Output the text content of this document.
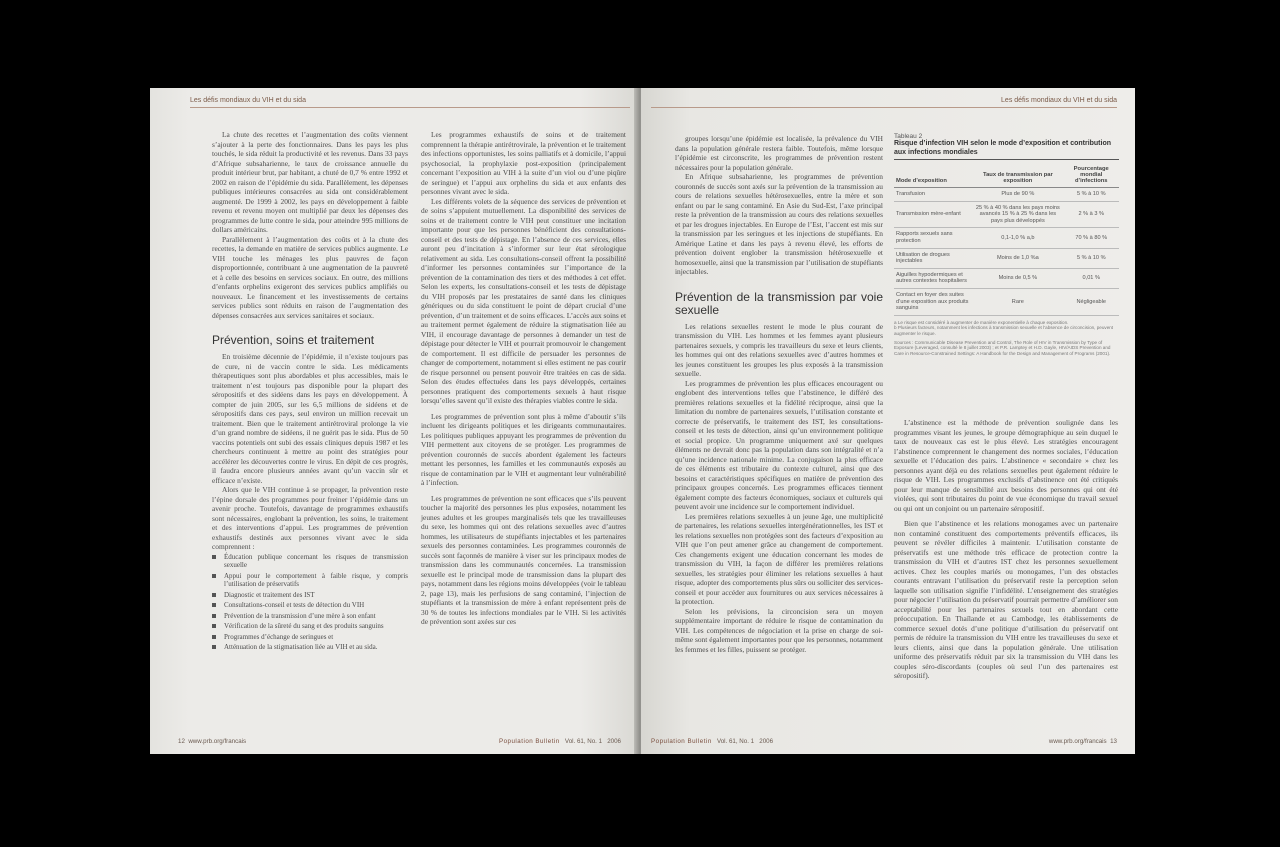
Les défis mondiaux du VIH et du sida

La chute des recettes et l’augmentation des coûts viennent s’ajouter à la perte des fonctionnaires. Dans les pays les plus touchés, le sida réduit la productivité et les revenus. Dans 33 pays d’Afrique subsaharienne, le taux de croissance annuelle du produit intérieur brut, par habitant, a chuté de 0,7 % entre 1992 et 2002 en raison de l’épidémie du sida. Parallèlement, les dépenses publiques intérieures consacrées au sida ont considérablement augmenté. De 1999 à 2002, les pays en développement à faible revenu et revenu moyen ont multiplié par deux les dépenses des programmes de lutte contre le sida, pour atteindre 995 millions de dollars américains.

Parallèlement à l’augmentation des coûts et à la chute des recettes, la demande en matière de services publics augmente. Le VIH touche les ménages les plus pauvres de façon disproportionnée, contribuant à une augmentation de la pauvreté et à celle des besoins en services sociaux. En outre, des millions d’enfants orphelins exigeront des services publics amplifiés ou nouveaux. Le financement et les investissements de certains services publics sont réduits en raison de l’augmentation des dépenses consacrées aux services sanitaires et sociaux.

Prévention, soins et traitement

En troisième décennie de l’épidémie, il n’existe toujours pas de cure, ni de vaccin contre le sida. Les médicaments thérapeutiques sont plus abordables et plus accessibles, mais le traitement n’est toujours pas disponible pour la plupart des séropositifs et des sidéens dans les pays en développement. À compter de juin 2005, sur les 6,5 millions de sidéens et de séropositifs dans ces pays, seul environ un million recevait un traitement. Bien que le traitement antirétroviral prolonge la vie d’un grand nombre de sidéens, il ne guérit pas le sida. Plus de 50 vaccins potentiels ont subi des essais cliniques depuis 1987 et les chercheurs continuent à mettre au point des stratégies pour accélérer les découvertes contre le virus. En dépit de ces progrès, il faudra encore plusieurs années avant qu’un vaccin sûr et efficace n’existe.

Alors que le VIH continue à se propager, la prévention reste l’épine dorsale des programmes pour freiner l’épidémie dans un avenir proche. Toutefois, davantage de programmes exhaustifs sont nécessaires, englobant la prévention, les soins, le traitement et des interventions d’appui. Les programmes de prévention exhaustifs destinés aux personnes vivant avec le sida comprennent :

Éducation publique concernant les risques de transmission sexuelle
Appui pour le comportement à faible risque, y compris l’utilisation de préservatifs
Diagnostic et traitement des IST
Consultations-conseil et tests de détection du VIH
Prévention de la transmission d’une mère à son enfant
Vérification de la sûreté du sang et des produits sanguins
Programmes d’échange de seringues et
Atténuation de la stigmatisation liée au VIH et au sida.

Les programmes exhaustifs de soins et de traitement comprennent la thérapie antirétrovirale, la prévention et le traitement des infections opportunistes, les soins palliatifs et à domicile, l’appui psychosocial, la prophylaxie post-exposition (principalement concernant l’exposition au VIH à la suite d’un viol ou d’une piqûre de seringue) et l’appui aux orphelins du sida et aux enfants des personnes vivant avec le sida.

Les différents volets de la séquence des services de prévention et de soins s’appuient mutuellement. La disponibilité des services de soins et de traitement contre le VIH peut constituer une incitation importante pour que les personnes bénéficient des consultations-conseil et des tests de dépistage. En l’absence de ces services, elles auront peu d’incitation à s’informer sur leur état sérologique relativement au sida. Les consultations-conseil offrent la possibilité d’informer les personnes contaminées sur l’importance de la prévention de la contamination des tiers et des méthodes à cet effet. Selon les experts, les consultations-conseil et les tests de dépistage du VIH proposés par les prestataires de santé dans les cliniques génériques ou du sida constituent le point de départ crucial d’une prévention, d’un traitement et de soins efficaces. L’accès aux soins et au traitement permet également de réduire la stigmatisation liée au VIH, il encourage davantage de personnes à demander un test de dépistage pour détecter le VIH et pourrait promouvoir le changement de comportement. Il est difficile de persuader les personnes de changer de comportement, notamment si elles estiment ne pas courir de risque personnel ou pensent pouvoir être traitées en cas de sida. Selon des études effectuées dans les pays développés, certaines personnes pratiquent des comportements sexuels à haut risque lorsqu’elles savent qu’il existe des thérapies viables contre le sida.

Les programmes de prévention sont plus à même d’aboutir s’ils incluent les dirigeants politiques et les dirigeants communautaires. Les politiques publiques appuyant les programmes de prévention du VIH permettent aux citoyens de se protéger. Les programmes de prévention couronnés de succès abordent également les facteurs mettant les personnes, les familles et les communautés exposés au risque de contamination par le VIH et augmentant leur vulnérabilité à l’infection.

Les programmes de prévention ne sont efficaces que s’ils peuvent toucher la majorité des personnes les plus exposées, notamment les jeunes adultes et les groupes marginalisés tels que les travailleuses du sexe, les hommes qui ont des relations sexuelles avec d’autres hommes, les utilisateurs de stupéfiants injectables et les partenaires sexuels des personnes contaminées. Les programmes couronnés de succès sont façonnés de manière à viser sur les principaux modes de transmission dans les communautés concernées. La transmission sexuelle est le principal mode de transmission dans la plupart des pays, notamment dans les régions moins développées (voir le tableau 2, page 13), mais les perfusions de sang contaminé, l’injection de stupéfiants et la transmission de mère à enfant représentent près de 30 % de toutes les infections mondiales par le VIH. Si les activités de prévention sont axées sur ces

12 www.prb.org/francais	Population Bulletin Vol. 61, No. 1 2006
Les défis mondiaux du VIH et du sida

groupes lorsqu’une épidémie est localisée, la prévalence du VIH dans la population générale restera faible. Toutefois, même lorsque l’épidémie est circonscrite, les programmes de prévention restent nécessaires pour la population générale.

En Afrique subsaharienne, les programmes de prévention couronnés de succès sont axés sur la prévention de la transmission au cours de relations sexuelles hétérosexuelles, entre la mère et son enfant ou par le sang contaminé. En Asie du Sud-Est, l’axe principal reste la prévention de la transmission au cours des relations sexuelles et par les drogues injectables. En Europe de l’Est, l’accent est mis sur la transmission par les seringues et les injections de stupéfiants. En Amérique Latine et dans les pays à revenu élevé, les efforts de prévention doivent englober la transmission hétérosexuelle et homosexuelle, ainsi que la transmission par l’utilisation de stupéfiants injectables.

Prévention de la transmission par voie sexuelle

Les relations sexuelles restent le mode le plus courant de transmission du VIH. Les hommes et les femmes ayant plusieurs partenaires sexuels, y compris les travailleurs du sexe et leurs clients, les hommes qui ont des relations sexuelles avec d’autres hommes et les jeunes constituent les groupes les plus exposés à la transmission sexuelle.

Les programmes de prévention les plus efficaces encouragent ou englobent des interventions telles que l’abstinence, le différé des premières relations sexuelles et la fidélité réciproque, ainsi que la limitation du nombre de partenaires sexuels, l’utilisation constante et correcte de préservatifs, le traitement des IST, les consultations-conseil et les tests de détection, ainsi qu’un environnement politique et social propice. Un programme uniquement axé sur quelques éléments ne devrait donc pas la population dans son intégralité et n’a qu’une incidence nationale minime. La conjugaison la plus efficace de ces éléments est tributaire du contexte culturel, ainsi que des besoins et caractéristiques spécifiques en matière de prévention des principaux groupes concernés. Les programmes efficaces tiennent également compte des facteurs économiques, sociaux et culturels qui peuvent avoir une incidence sur le comportement individuel.

Les premières relations sexuelles à un jeune âge, une multiplicité de partenaires, les relations sexuelles intergénérationnelles, les IST et les relations sexuelles non protégées sont des facteurs d’exposition au VIH que l’on peut amener grâce au changement de comportement. Ces changements exigent une éducation concernant les modes de transmission du VIH, la façon de différer les premières relations sexuelles, les stratégies pour éliminer les relations sexuelles à haut risque, adopter des comportements plus sûrs ou solliciter des services-conseil et pour accéder aux fournitures ou aux services nécessaires à la protection.

Selon les prévisions, la circoncision sera un moyen supplémentaire important de réduire le risque de contamination du VIH. Les compétences de négociation et la prise en charge de soi-même sont également importantes pour que les personnes, notamment les femmes et les filles, puissent se protéger.

Tableau 2
Risque d’infection VIH selon le mode d’exposition et contribution aux infections mondiales
Mode d’exposition	Taux de transmission par exposition	Pourcentage mondial d’infections
Transfusion	Plus de 90 %	5 % à 10 %
Transmission mère-enfant	25 % à 40 % dans les pays moins avancés 15 % à 25 % dans les pays plus développés	2 % à 3 %
Rapports sexuels sans protection	0,1-1,0 % a,b	70 % à 80 %
Utilisation de drogues injectables	Moins de 1,0 %a	5 % à 10 %
Aiguilles hypodermiques et autres contextes hospitaliers	Moins de 0,5 %	0,01 %
Contact en foyer des suites d’une exposition aux produits sanguins	Rare	Négligeable
a Le risque est considéré à augmenter de manière exponentielle à chaque exposition.
b Plusieurs facteurs, notamment les infections à transmission sexuelle et l’absence de circoncision, peuvent augmenter le risque.
Sources : Communicable Disease Prevention and Control, The Role of HIV in Transmission by Type of Exposure (Leveraged, consulté le 8 juillet 2003) ; et P.R. Lamptey et H.D. Gayle, HIV/AIDS Prevention and Care in Resource-Constrained Settings: A Handbook for the Design and Management of Programs (2001).

L’abstinence est la méthode de prévention soulignée dans les programmes visant les jeunes, le groupe démographique au sein duquel le taux de nouveaux cas est le plus élevé. Les stratégies encouragent l’abstinence comprennent le changement des normes sociales, l’éducation sexuelle et l’éducation des pairs. L’abstinence « secondaire » chez les personnes ayant déjà eu des relations sexuelles peut également réduire le risque de VIH. Les programmes exclusifs d’abstinence ont été critiqués pour leur manque de sensibilité aux besoins des personnes qui ont été violées, qui sont tributaires du point de vue économique du travail sexuel ou qui ont un conjoint ou un partenaire séropositif.

Bien que l’abstinence et les relations monogames avec un partenaire non contaminé constituent des comportements préventifs efficaces, ils peuvent se révéler difficiles à maintenir. L’utilisation constante de préservatifs est une méthode très efficace de protection contre la transmission du VIH et d’autres IST chez les personnes sexuellement actives. Chez les couples mariés ou monogames, l’un des obstacles courants entravant l’utilisation du préservatif reste la perception selon laquelle son utilisation signifie l’infidélité. L’enseignement des stratégies pour négocier l’utilisation du préservatif pourrait permettre d’améliorer son acceptabilité pour les partenaires sexuels tout en abordant cette préoccupation. En Thaïlande et au Cambodge, les établissements de commerce sexuel dotés d’une politique d’utilisation du préservatif ont permis de réduire la transmission du VIH entre les travailleuses du sexe et leurs clients, ainsi que dans la population générale. Une utilisation uniforme des préservatifs réduit par six la transmission du VIH dans les couples séro-discordants (couples où seul l’un des partenaires est séropositif).

Population Bulletin Vol. 61, No. 1 2006	www.prb.org/francais 13
